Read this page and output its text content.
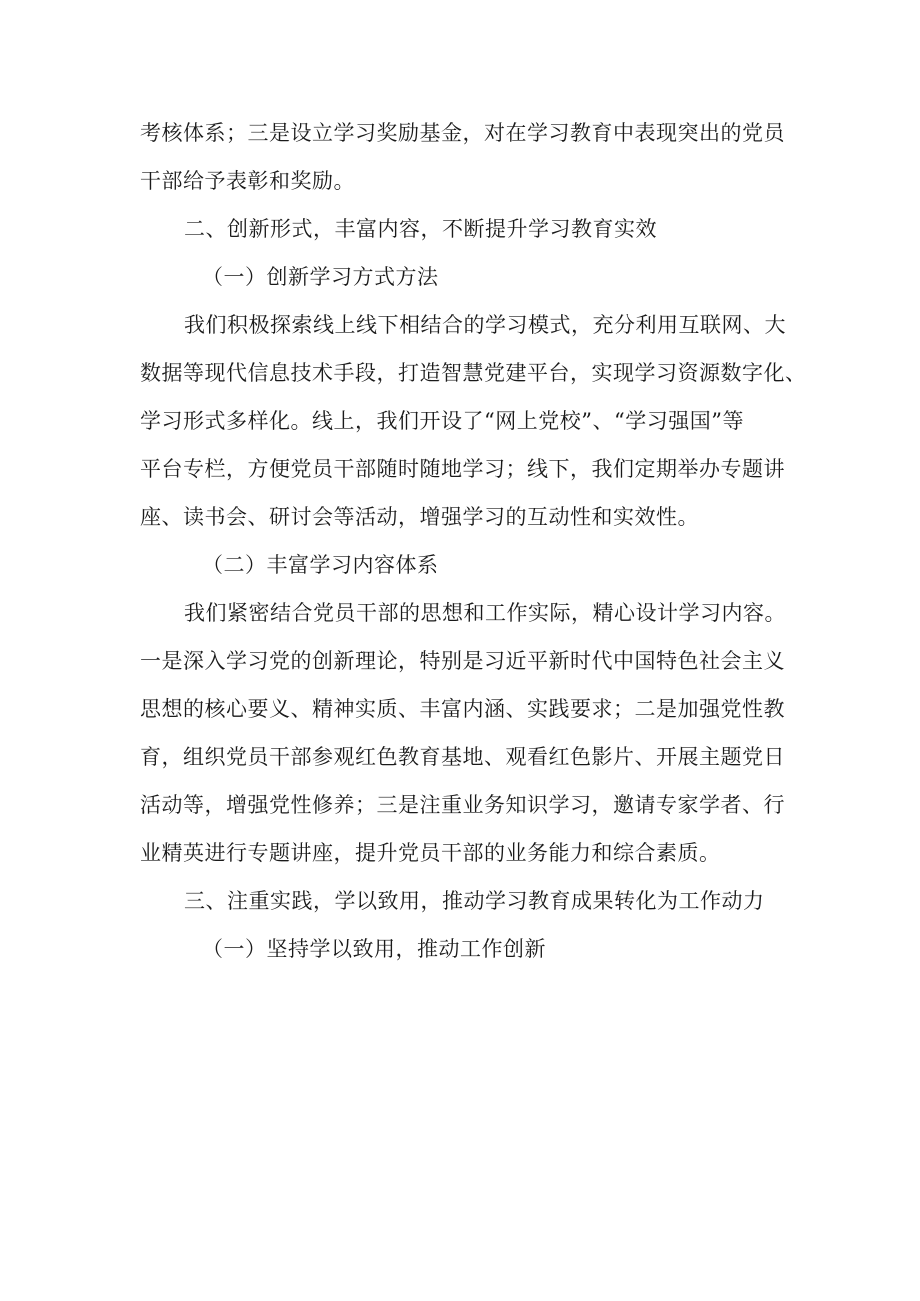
考核体系；三是设立学习奖励基金，对在学习教育中表现突出的党员
干部给予表彰和奖励。
二、创新形式，丰富内容，不断提升学习教育实效
（一）创新学习方式方法
我们积极探索线上线下相结合的学习模式，充分利用互联网、大
数据等现代信息技术手段，打造智慧党建平台，实现学习资源数字化、
学习形式多样化。线上，我们开设了“网上党校”、“学习强国”等
平台专栏，方便党员干部随时随地学习；线下，我们定期举办专题讲
座、读书会、研讨会等活动，增强学习的互动性和实效性。
（二）丰富学习内容体系
我们紧密结合党员干部的思想和工作实际，精心设计学习内容。
一是深入学习党的创新理论，特别是习近平新时代中国特色社会主义
思想的核心要义、精神实质、丰富内涵、实践要求；二是加强党性教
育，组织党员干部参观红色教育基地、观看红色影片、开展主题党日
活动等，增强党性修养；三是注重业务知识学习，邀请专家学者、行
业精英进行专题讲座，提升党员干部的业务能力和综合素质。
三、注重实践，学以致用，推动学习教育成果转化为工作动力
（一）坚持学以致用，推动工作创新
